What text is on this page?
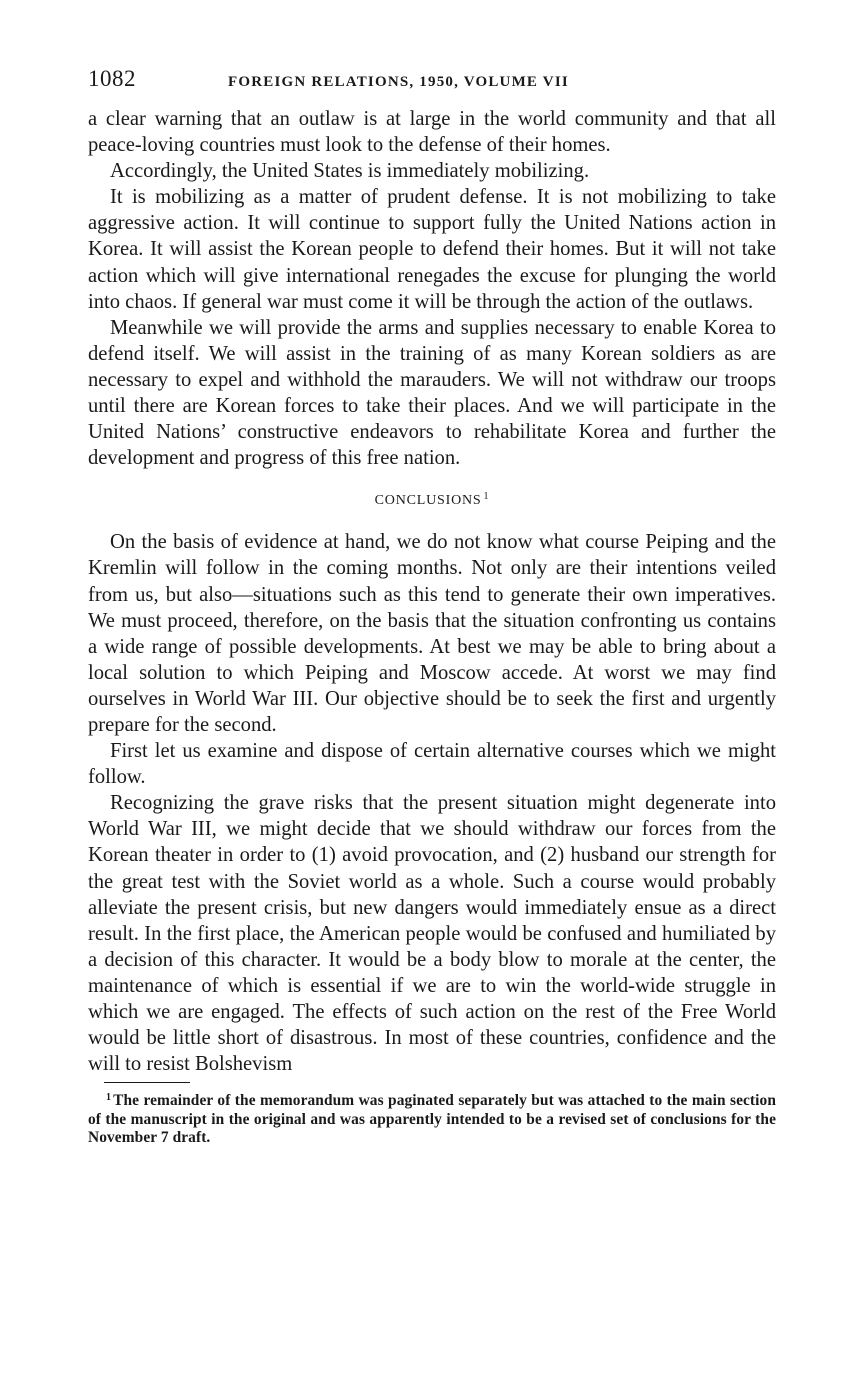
1082	FOREIGN RELATIONS, 1950, VOLUME VII

a clear warning that an outlaw is at large in the world community and that all peace-loving countries must look to the defense of their homes.

Accordingly, the United States is immediately mobilizing.

It is mobilizing as a matter of prudent defense. It is not mobilizing to take aggressive action. It will continue to support fully the United Nations action in Korea. It will assist the Korean people to defend their homes. But it will not take action which will give international renegades the excuse for plunging the world into chaos. If general war must come it will be through the action of the outlaws.

Meanwhile we will provide the arms and supplies necessary to enable Korea to defend itself. We will assist in the training of as many Korean soldiers as are necessary to expel and withhold the marauders. We will not withdraw our troops until there are Korean forces to take their places. And we will participate in the United Nations’ constructive endeavors to rehabilitate Korea and further the development and progress of this free nation.

CONCLUSIONS $^1$

On the basis of evidence at hand, we do not know what course Peiping and the Kremlin will follow in the coming months. Not only are their intentions veiled from us, but also—situations such as this tend to generate their own imperatives. We must proceed, therefore, on the basis that the situation confronting us contains a wide range of possible developments. At best we may be able to bring about a local solution to which Peiping and Moscow accede. At worst we may find ourselves in World War III. Our objective should be to seek the first and urgently prepare for the second.

First let us examine and dispose of certain alternative courses which we might follow.

Recognizing the grave risks that the present situation might degenerate into World War III, we might decide that we should withdraw our forces from the Korean theater in order to (1) avoid provocation, and (2) husband our strength for the great test with the Soviet world as a whole. Such a course would probably alleviate the present crisis, but new dangers would immediately ensue as a direct result. In the first place, the American people would be confused and humiliated by a decision of this character. It would be a body blow to morale at the center, the maintenance of which is essential if we are to win the world-wide struggle in which we are engaged. The effects of such action on the rest of the Free World would be little short of disastrous. In most of these countries, confidence and the will to resist Bolshevism

$^1$ The remainder of the memorandum was paginated separately but was attached to the main section of the manuscript in the original and was apparently intended to be a revised set of conclusions for the November 7 draft.
